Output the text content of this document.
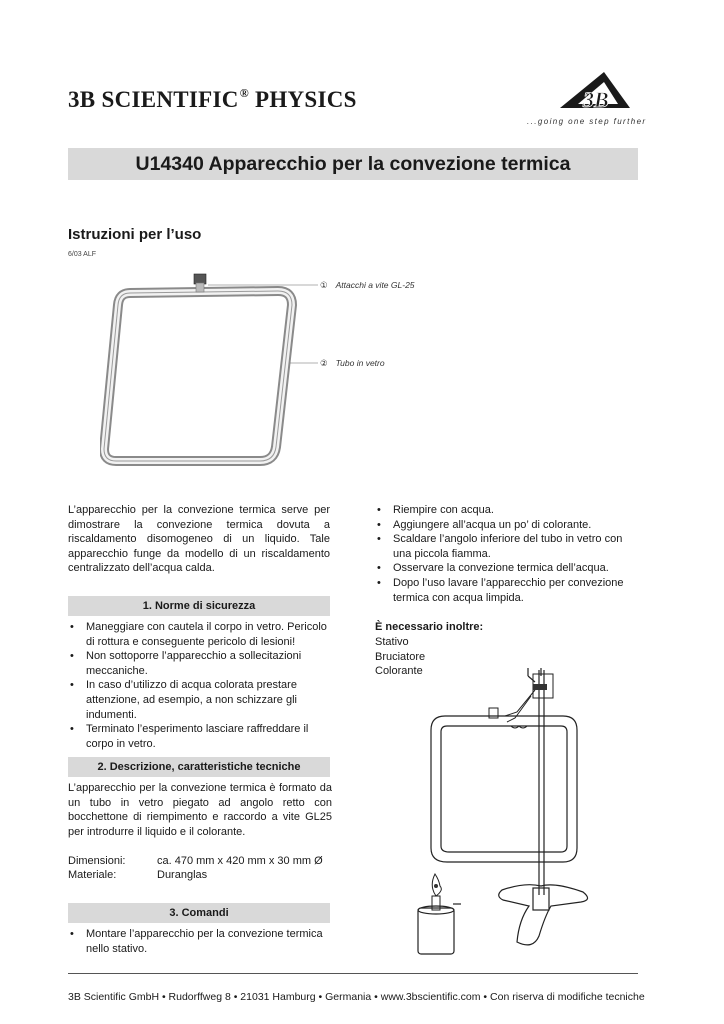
3B SCIENTIFIC® PHYSICS	3B
...going one step further
U14340 Apparecchio per la convezione termica
Istruzioni per l’uso
6/03 ALF
① Attacchi a vite GL-25
② Tubo in vetro
L’apparecchio per la convezione termica serve per dimostrare la convezione termica dovuta a riscaldamento disomogeneo di un liquido. Tale apparecchio funge da modello di un riscaldamento centralizzato dell’acqua calda.
1. Norme di sicurezza
• Maneggiare con cautela il corpo in vetro. Pericolo di rottura e conseguente pericolo di lesioni!
• Non sottoporre l’apparecchio a sollecitazioni meccaniche.
• In caso d’utilizzo di acqua colorata prestare attenzione, ad esempio, a non schizzare gli indumenti.
• Terminato l’esperimento lasciare raffreddare il corpo in vetro.
2. Descrizione, caratteristiche tecniche
L’apparecchio per la convezione termica è formato da un tubo in vetro piegato ad angolo retto con bocchettone di riempimento e raccordo a vite GL25 per introdurre il liquido e il colorante.
Dimensioni:	ca. 470 mm x 420 mm x 30 mm Ø
Materiale:	Duranglas
3. Comandi
• Montare l’apparecchio per la convezione termica nello stativo.
• Riempire con acqua.
• Aggiungere all’acqua un po’ di colorante.
• Scaldare l’angolo inferiore del tubo in vetro con una piccola fiamma.
• Osservare la convezione termica dell’acqua.
• Dopo l’uso lavare l’apparecchio per convezione termica con acqua limpida.
È necessario inoltre:
Stativo
Bruciatore
Colorante
3B Scientific GmbH • Rudorffweg 8 • 21031 Hamburg • Germania • www.3bscientific.com • Con riserva di modifiche tecniche
